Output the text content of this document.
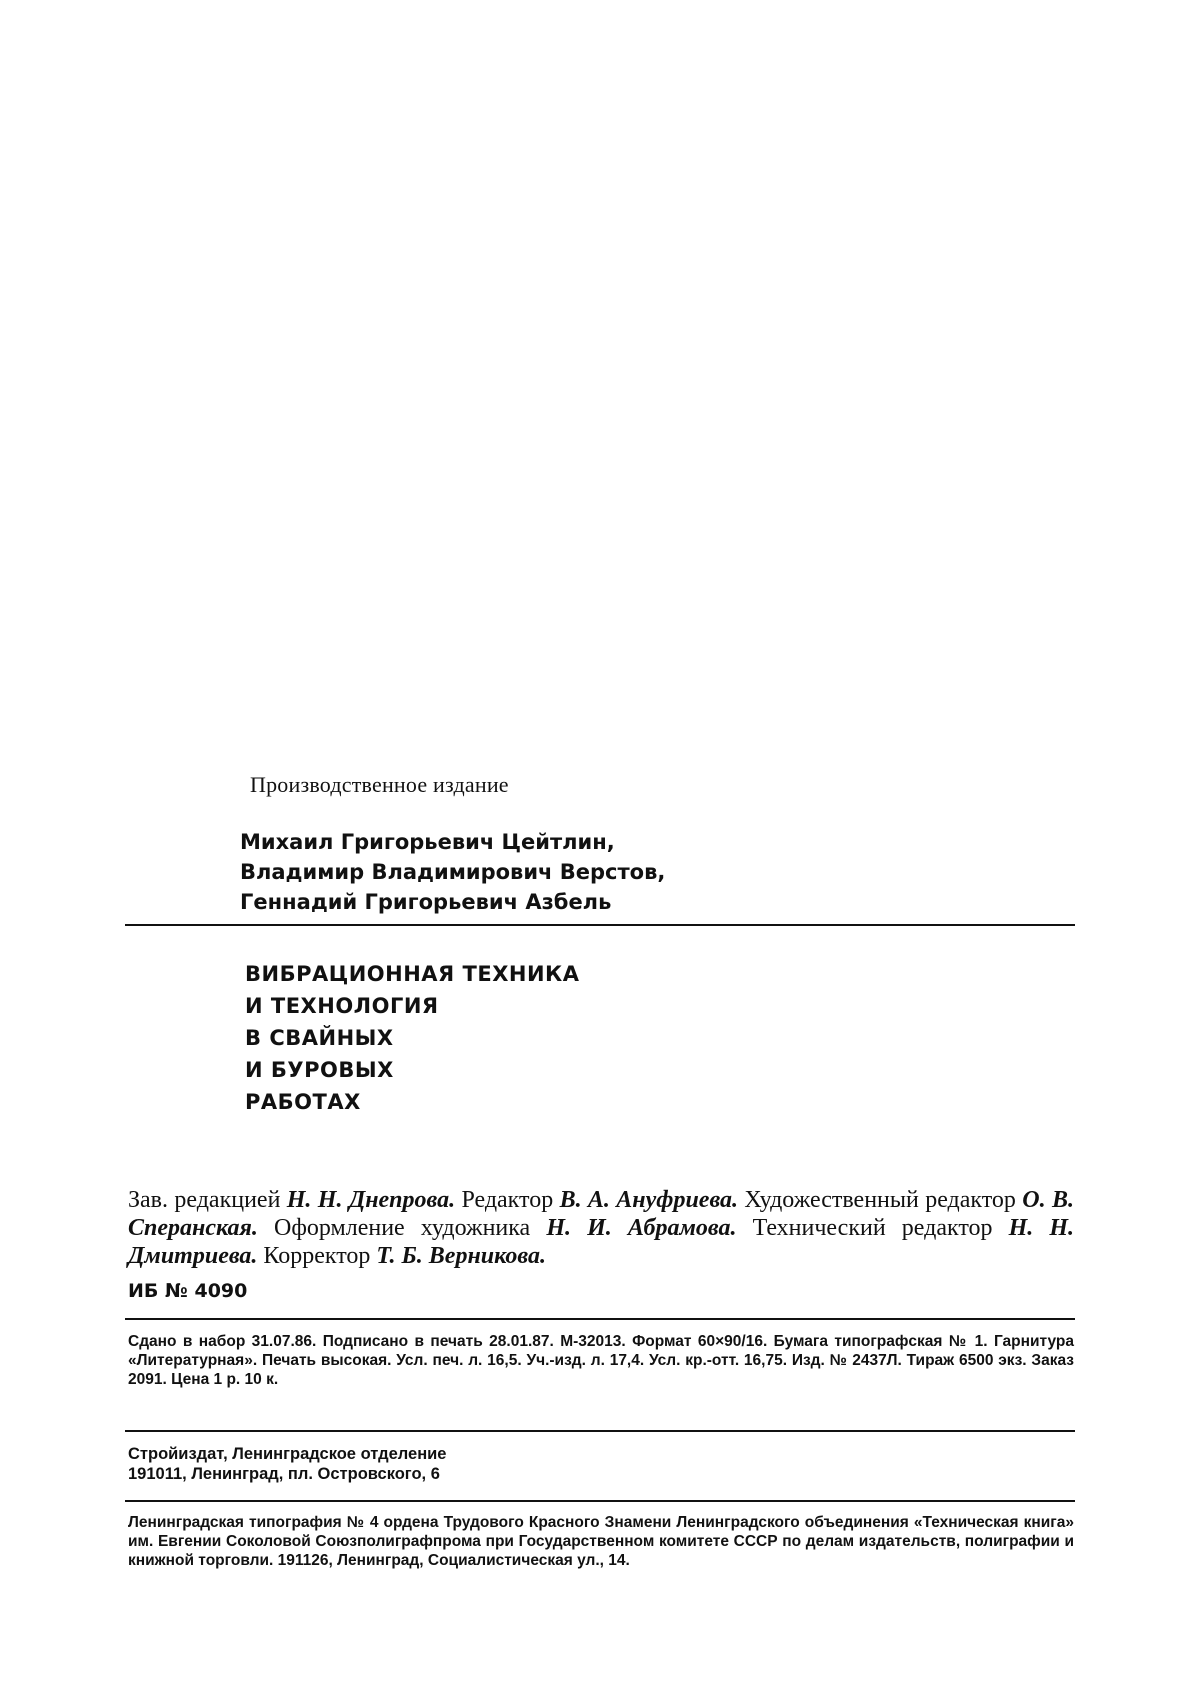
Производственное издание
Михаил Григорьевич Цейтлин,
Владимир Владимирович Верстов,
Геннадий Григорьевич Азбель
ВИБРАЦИОННАЯ ТЕХНИКА
И ТЕХНОЛОГИЯ
В СВАЙНЫХ
И БУРОВЫХ
РАБОТАХ
Зав. редакцией Н. Н. Днепрова. Редактор В. А. Ануфриева. Художественный редактор О. В. Сперанская. Оформление художника Н. И. Абрамова. Технический редактор Н. Н. Дмитриева. Корректор Т. Б. Верникова.
ИБ № 4090
Сдано в набор 31.07.86. Подписано в печать 28.01.87. М-32013. Формат 60×90/16. Бумага типографская № 1. Гарнитура «Литературная». Печать высокая. Усл. печ. л. 16,5. Уч.-изд. л. 17,4. Усл. кр.-отт. 16,75. Изд. № 2437Л. Тираж 6500 экз. Заказ 2091. Цена 1 р. 10 к.
Стройиздат, Ленинградское отделение
191011, Ленинград, пл. Островского, 6
Ленинградская типография № 4 ордена Трудового Красного Знамени Ленинградского объединения «Техническая книга» им. Евгении Соколовой Союзполиграфпрома при Государственном комитете СССР по делам издательств, полиграфии и книжной торговли. 191126, Ленинград, Социалистическая ул., 14.
